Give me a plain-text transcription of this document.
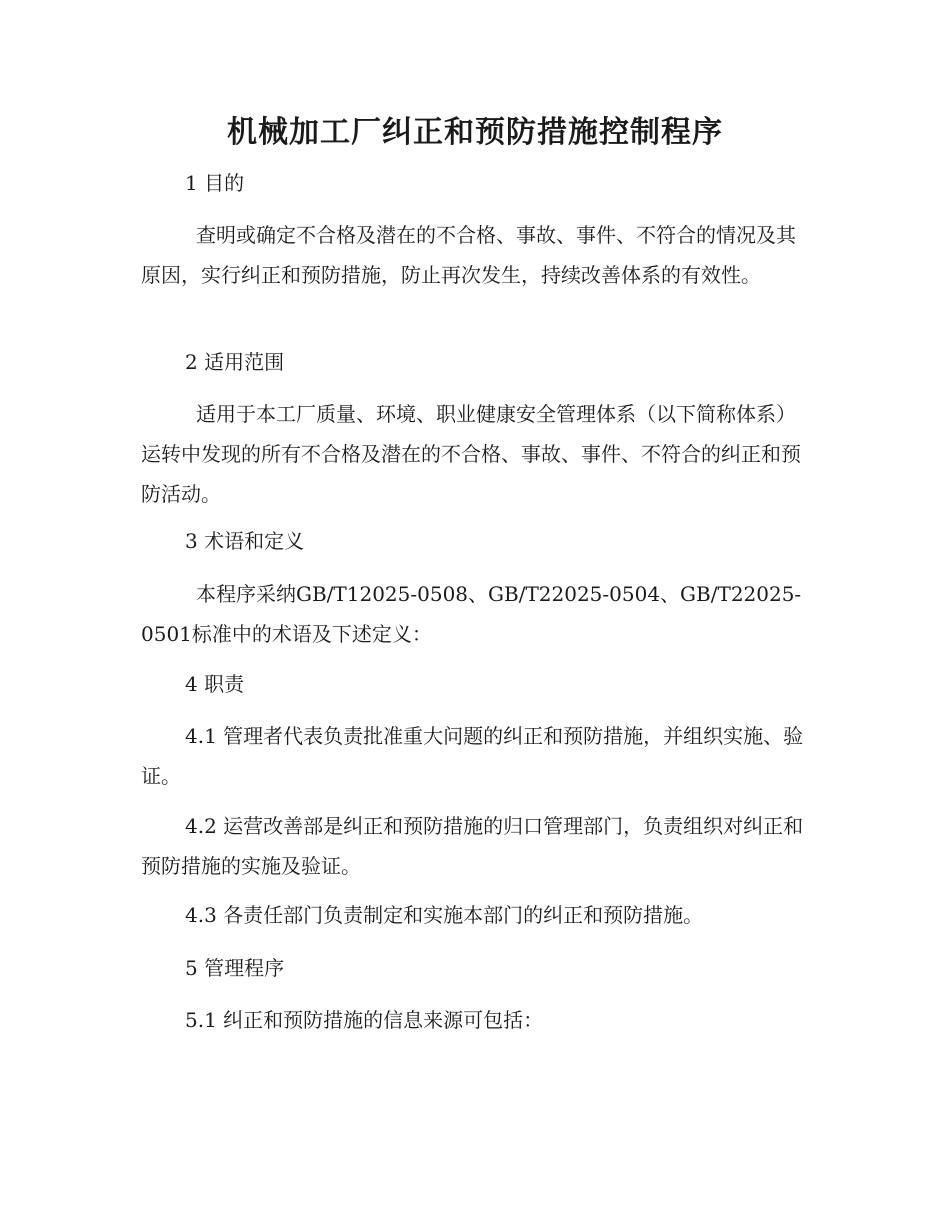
机械加工厂纠正和预防措施控制程序

1 目的

查明或确定不合格及潜在的不合格、事故、事件、不符合的情况及其原因，实行纠正和预防措施，防止再次发生，持续改善体系的有效性。

2 适用范围

适用于本工厂质量、环境、职业健康安全管理体系（以下简称体系）运转中发现的所有不合格及潜在的不合格、事故、事件、不符合的纠正和预防活动。

3 术语和定义

本程序采纳GB/T12025-0508、GB/T22025-0504、GB/T22025-0501标准中的术语及下述定义：

4 职责

4.1 管理者代表负责批准重大问题的纠正和预防措施，并组织实施、验证。

4.2 运营改善部是纠正和预防措施的归口管理部门，负责组织对纠正和预防措施的实施及验证。

4.3 各责任部门负责制定和实施本部门的纠正和预防措施。

5 管理程序

5.1 纠正和预防措施的信息来源可包括：
